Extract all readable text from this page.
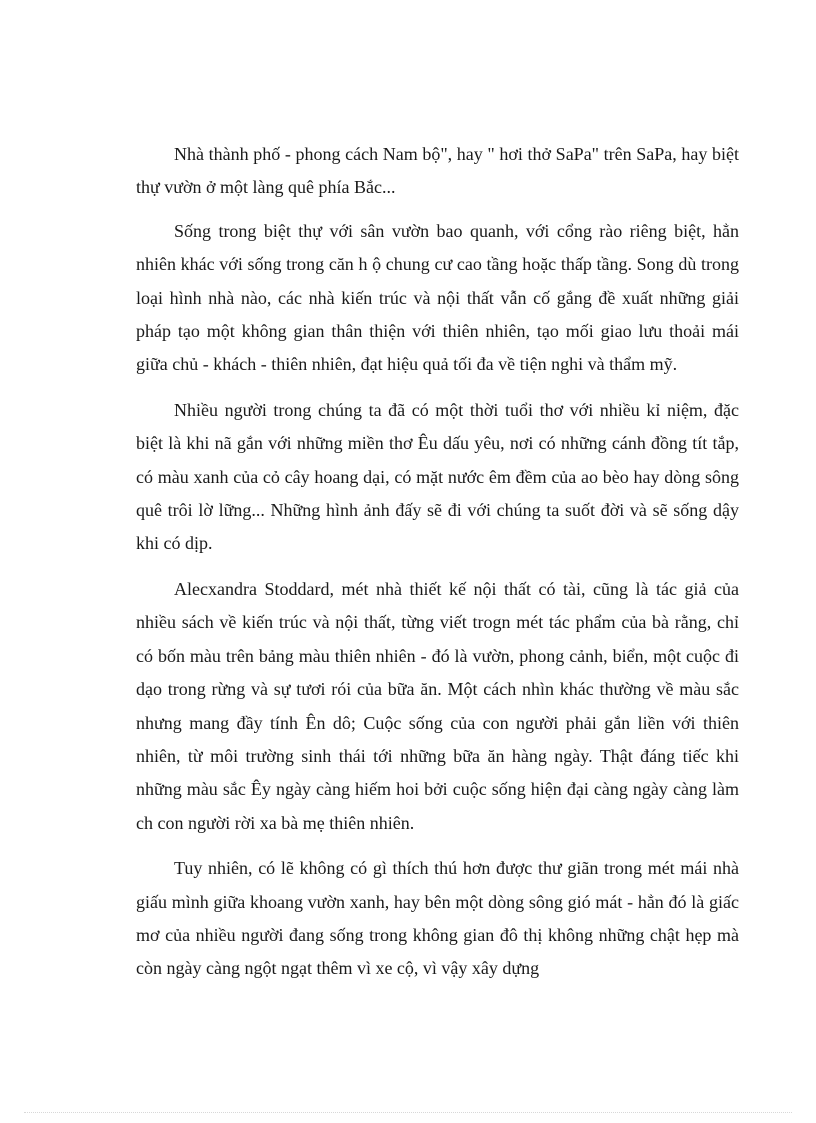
Nhà thành phố - phong cách Nam bộ", hay " hơi thở SaPa" trên SaPa, hay biệt thự vườn ở một làng quê phía Bắc...

Sống trong biệt thự với sân vườn bao quanh, với cổng rào riêng biệt, hẳn nhiên khác với sống trong căn h ộ chung cư cao tầng hoặc thấp tầng. Song dù trong loại hình nhà nào, các nhà kiến trúc và nội thất vẫn cố gắng đề xuất những giải pháp tạo một không gian thân thiện với thiên nhiên, tạo mối giao lưu thoải mái giữa chủ - khách - thiên nhiên, đạt hiệu quả tối đa về tiện nghi và thẩm mỹ.

Nhiều người trong chúng ta đã có một thời tuổi thơ với nhiều kỉ niệm, đặc biệt là khi nã gắn với những miền thơ Êu dấu yêu, nơi có những cánh đồng tít tắp, có màu xanh của cỏ cây hoang dại, có mặt nước êm đềm của ao bèo hay dòng sông quê trôi lờ lững... Những hình ảnh đấy sẽ đi với chúng ta suốt đời và sẽ sống dậy khi có dịp.

Alecxandra Stoddard, mét nhà thiết kế nội thất có tài, cũng là tác giả của nhiều sách về kiến trúc và nội thất, từng viết trogn mét tác phẩm của bà rằng, chỉ có bốn màu trên bảng màu thiên nhiên - đó là vườn, phong cảnh, biển, một cuộc đi dạo trong rừng và sự tươi rói của bữa ăn. Một cách nhìn khác thường về màu sắc nhưng mang đầy tính Ên dô; Cuộc sống của con người phải gắn liền với thiên nhiên, từ môi trường sinh thái tới những bữa ăn hàng ngày. Thật đáng tiếc khi những màu sắc Êy ngày càng hiếm hoi bởi cuộc sống hiện đại càng ngày càng làm ch con người rời xa bà mẹ thiên nhiên.

Tuy nhiên, có lẽ không có gì thích thú hơn được thư giãn trong mét mái nhà giấu mình giữa khoang vườn xanh, hay bên một dòng sông gió mát - hẳn đó là giấc mơ của nhiều người đang sống trong không gian đô thị không những chật hẹp mà còn ngày càng ngột ngạt thêm vì xe cộ, vì vậy xây dựng
